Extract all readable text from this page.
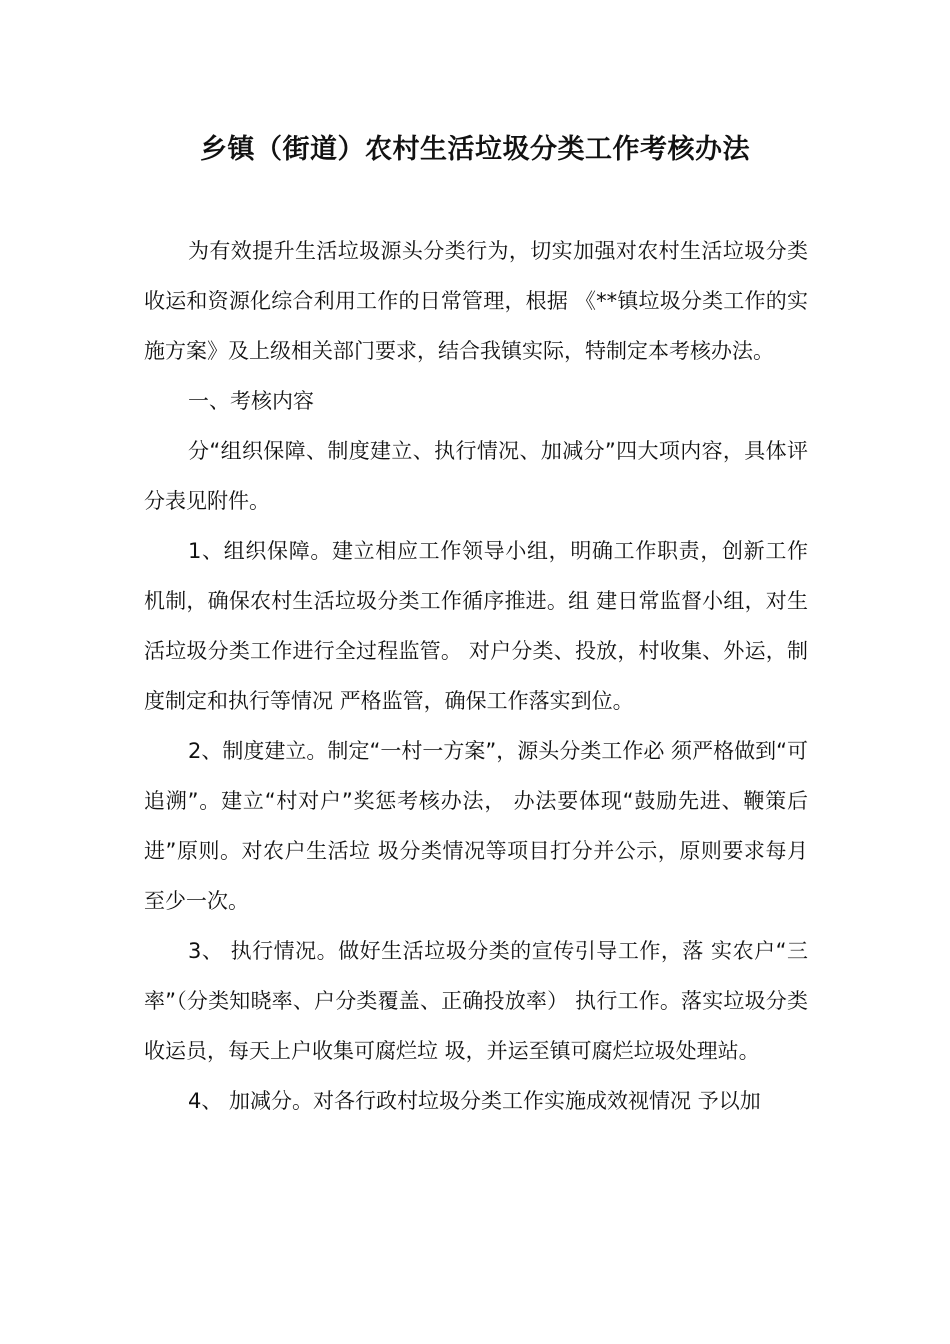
乡镇（街道）农村生活垃圾分类工作考核办法

为有效提升生活垃圾源头分类行为，切实加强对农村生活垃圾分类收运和资源化综合利用工作的日常管理，根据 《**镇垃圾分类工作的实施方案》及上级相关部门要求，结合我镇实际，特制定本考核办法。

一、考核内容

分“组织保障、制度建立、执行情况、加减分”四大项内容，具体评分表见附件。

1、组织保障。建立相应工作领导小组，明确工作职责，创新工作机制，确保农村生活垃圾分类工作循序推进。组 建日常监督小组，对生活垃圾分类工作进行全过程监管。 对户分类、投放，村收集、外运，制度制定和执行等情况 严格监管，确保工作落实到位。

2、制度建立。制定“一村一方案”，源头分类工作必 须严格做到“可追溯”。建立“村对户”奖惩考核办法， 办法要体现“鼓励先进、鞭策后进”原则。对农户生活垃 圾分类情况等项目打分并公示，原则要求每月至少一次。

3、 执行情况。做好生活垃圾分类的宣传引导工作，落 实农户“三率”（分类知晓率、户分类覆盖、正确投放率） 执行工作。落实垃圾分类收运员，每天上户收集可腐烂垃 圾，并运至镇可腐烂垃圾处理站。

4、 加减分。对各行政村垃圾分类工作实施成效视情况 予以加
